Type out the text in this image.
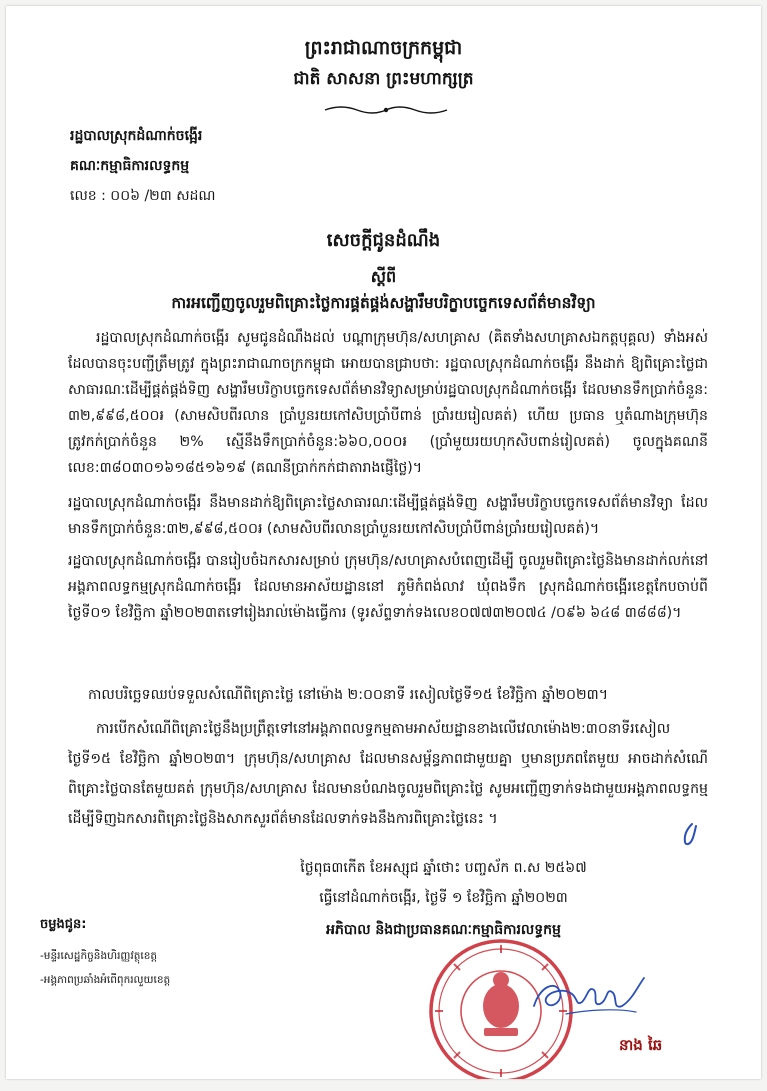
ព្រះរាជាណាចក្រកម្ពុជា
ជាតិ សាសនា ព្រះមហាក្សត្រ
រដ្ឋបាលស្រុកដំណាក់ចង្អើរ
គណៈកម្មាធិការលទ្ធកម្ម
លេខ : ០០៦ /២៣ សដណ
សេចក្តីជូនដំណឹង
ស្តីពី
ការអញ្ជើញចូលរួមពិគ្រោះថ្លៃការផ្គត់ផ្គង់សង្ហារឹមបរិក្ខាបច្ចេកទេសព័ត៌មានវិទ្យា
រដ្ឋបាលស្រុកដំណាក់ចង្អើរ សូមជូនដំណឹងដល់ បណ្តាក្រុមហ៊ុន/សហគ្រាស (គិតទាំងសហគ្រាសឯកត្តបុគ្គល) ទាំងអស់ ដែលបានចុះបញ្ជីត្រឹមត្រូវ ក្នុងព្រះរាជាណាចក្រកម្ពុជា អោយបានជ្រាបថា: រដ្ឋបាលស្រុកដំណាក់ចង្អើរ នឹងដាក់ ឱ្យពិគ្រោះថ្លៃជាសាធារណៈដើម្បីផ្គត់ផ្គង់ទិញ សង្ហារឹមបរិក្ខាបច្ចេកទេសព័ត៌មានវិទ្យាសម្រាប់រដ្ឋបាលស្រុកដំណាក់ចង្អើរ ដែលមានទឹកប្រាក់ចំនួន: ៣២,៩៩៨,៥០០៛ (សាមសិបពីរលាន ប្រាំបួនរយកៅសិបប្រាំបីពាន់ ប្រាំរយរៀលគត់) ហើយ ប្រធាន ឬតំណាងក្រុមហ៊ុនត្រូវកក់ប្រាក់ចំនួន ២% ស្មើនឹងទឹកប្រាក់ចំនួន:៦៦០,០០០៛ (ប្រាំមួយរយហុកសិបពាន់រៀលគត់) ចូលក្នុងគណនី លេខ:៣៨០៣០១៦១៨៥១៦១៩ (គណនីប្រាក់កក់ជាតារាងផ្ញើថ្លៃ)។
រដ្ឋបាលស្រុកដំណាក់ចង្អើរ នឹងមានដាក់ឱ្យពិគ្រោះថ្លៃសាធារណៈដើម្បីផ្គត់ផ្គង់ទិញ សង្ហារឹមបរិក្ខាបច្ចេកទេសព័ត៌មានវិទ្យា ដែលមានទឹកប្រាក់ចំនួន:៣២,៩៩៨,៥០០៛ (សាមសិបពីរលានប្រាំបួនរយកៅសិបប្រាំបីពាន់ប្រាំរយរៀលគត់)។
រដ្ឋបាលស្រុកដំណាក់ចង្អើរ បានរៀបចំឯកសារសម្រាប់ ក្រុមហ៊ុន/សហគ្រាសបំពេញដើម្បី ចូលរួមពិគ្រោះថ្លៃនិងមានដាក់លក់នៅអង្គភាពលទ្ធកម្មស្រុកដំណាក់ចង្អើរ ដែលមានអាស័យដ្ឋាននៅ ភូមិកំពង់លាវ ឃុំពងទឹក ស្រុកដំណាក់ចង្អើរខេត្តកែបចាប់ពីថ្ងៃទី០១ ខែវិច្ឆិកា ឆ្នាំ២០២៣តទៅរៀងរាល់ម៉ោងធ្វើការ (ទូរស័ព្ទទាក់ទងលេខ០៧៧៣២០៧៤ /០៩៦ ៦៤៨ ៣៨៨៨)។
កាលបរិច្ឆេទឈប់ទទួលសំណើពិគ្រោះថ្លៃ នៅម៉ោង ២:០០នាទី រសៀលថ្ងៃទី១៥ ខែវិច្ឆិកា ឆ្នាំ២០២៣។
ការបើកសំណើពិគ្រោះថ្លៃនឹងប្រព្រឹត្តទៅនៅអង្គភាពលទ្ធកម្មតាមអាស័យដ្ឋានខាងលើវេលាម៉ោង២:៣០នាទីរសៀល ថ្ងៃទី១៥ ខែវិច្ឆិកា ឆ្នាំ២០២៣។ ក្រុមហ៊ុន/សហគ្រាស ដែលមានសម្ព័ន្ធភាពជាមួយគ្នា ឬមានប្រភពតែមួយ អាចដាក់សំណើពិគ្រោះថ្លៃបានតែមួយគត់ ក្រុមហ៊ុន/សហគ្រាស ដែលមានបំណងចូលរួមពិគ្រោះថ្លៃ សូមអញ្ជើញទាក់ទងជាមួយអង្គភាពលទ្ធកម្មដើម្បីទិញឯកសារពិគ្រោះថ្លៃនិងសាកសួរព័ត៌មានដែលទាក់ទងនឹងការពិគ្រោះថ្លៃនេះ ។
ថ្ងៃពុធ៣កើត ខែអស្សុជ ឆ្នាំថោះ បញ្ចស័ក ព.ស ២៥៦៧
ធ្វើនៅដំណាក់ចង្អើរ, ថ្ងៃទី ១ ខែវិច្ឆិកា ឆ្នាំ២០២៣
អភិបាល និងជាប្រធានគណៈកម្មាធិការលទ្ធកម្ម
ចម្លងជូន:
-មន្ទីរសេដ្ឋកិច្ចនិងហិរញ្ញវត្ថុខេត្ត
-អង្គភាពប្រឆាំងអំពើពុករលួយខេត្ត
នាង ឆៃ
